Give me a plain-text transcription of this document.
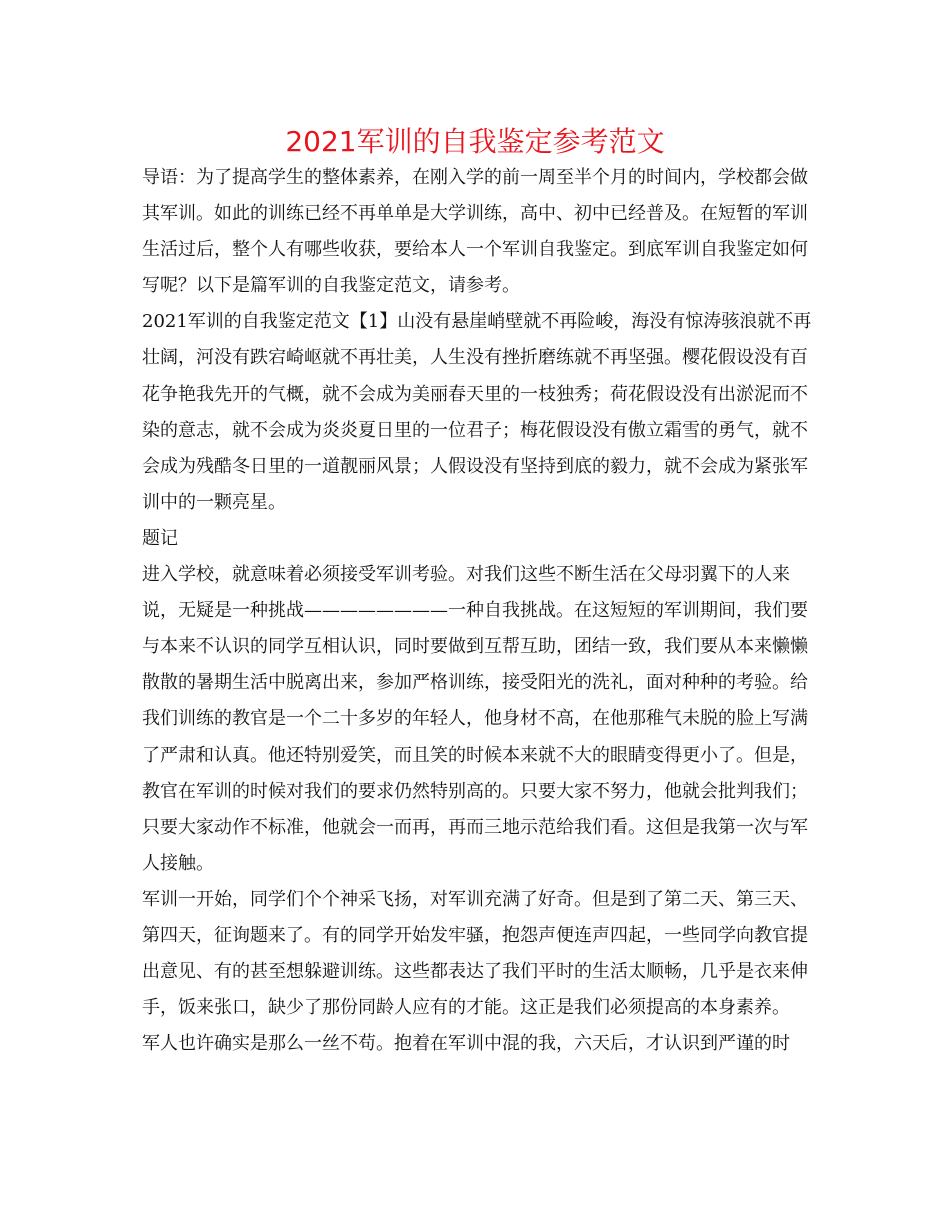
2021军训的自我鉴定参考范文

导语：为了提高学生的整体素养，在刚入学的前一周至半个月的时间内，学校都会做其军训。如此的训练已经不再单单是大学训练，高中、初中已经普及。在短暂的军训生活过后，整个人有哪些收获，要给本人一个军训自我鉴定。到底军训自我鉴定如何写呢？以下是篇军训的自我鉴定范文，请参考。

2021军训的自我鉴定范文【1】山没有悬崖峭壁就不再险峻，海没有惊涛骇浪就不再壮阔，河没有跌宕崎岖就不再壮美，人生没有挫折磨练就不再坚强。樱花假设没有百花争艳我先开的气概，就不会成为美丽春天里的一枝独秀；荷花假设没有出淤泥而不染的意志，就不会成为炎炎夏日里的一位君子；梅花假设没有傲立霜雪的勇气，就不会成为残酷冬日里的一道靓丽风景；人假设没有坚持到底的毅力，就不会成为紧张军训中的一颗亮星。

题记

进入学校，就意味着必须接受军训考验。对我们这些不断生活在父母羽翼下的人来说，无疑是一种挑战————————一种自我挑战。在这短短的军训期间，我们要与本来不认识的同学互相认识，同时要做到互帮互助，团结一致，我们要从本来懒懒散散的暑期生活中脱离出来，参加严格训练，接受阳光的洗礼，面对种种的考验。给我们训练的教官是一个二十多岁的年轻人，他身材不高，在他那稚气未脱的脸上写满了严肃和认真。他还特别爱笑，而且笑的时候本来就不大的眼睛变得更小了。但是，教官在军训的时候对我们的要求仍然特别高的。只要大家不努力，他就会批判我们；只要大家动作不标准，他就会一而再，再而三地示范给我们看。这但是我第一次与军人接触。

军训一开始，同学们个个神采飞扬，对军训充满了好奇。但是到了第二天、第三天、第四天，征询题来了。有的同学开始发牢骚，抱怨声便连声四起，一些同学向教官提出意见、有的甚至想躲避训练。这些都表达了我们平时的生活太顺畅，几乎是衣来伸手，饭来张口，缺少了那份同龄人应有的才能。这正是我们必须提高的本身素养。

军人也许确实是那么一丝不苟。抱着在军训中混的我，六天后，才认识到严谨的时
